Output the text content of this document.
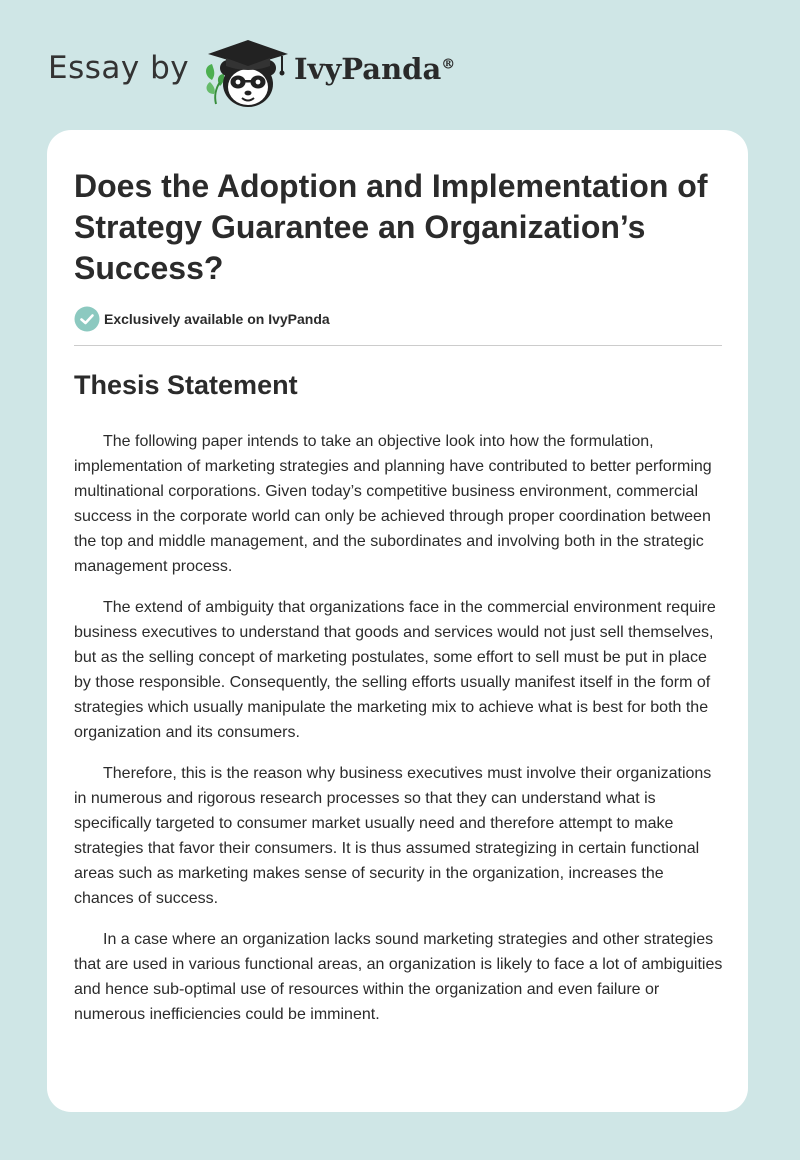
Essay by	IvyPanda®
Does the Adoption and Implementation of Strategy Guarantee an Organization’s Success?
Exclusively available on IvyPanda
Thesis Statement

The following paper intends to take an objective look into how the formulation, implementation of marketing strategies and planning have contributed to better performing multinational corporations. Given today’s competitive business environment, commercial success in the corporate world can only be achieved through proper coordination between the top and middle management, and the subordinates and involving both in the strategic management process.

The extend of ambiguity that organizations face in the commercial environment require business executives to understand that goods and services would not just sell themselves, but as the selling concept of marketing postulates, some effort to sell must be put in place by those responsible. Consequently, the selling efforts usually manifest itself in the form of strategies which usually manipulate the marketing mix to achieve what is best for both the organization and its consumers.

Therefore, this is the reason why business executives must involve their organizations in numerous and rigorous research processes so that they can understand what is specifically targeted to consumer market usually need and therefore attempt to make strategies that favor their consumers. It is thus assumed strategizing in certain functional areas such as marketing makes sense of security in the organization, increases the chances of success.

In a case where an organization lacks sound marketing strategies and other strategies that are used in various functional areas, an organization is likely to face a lot of ambiguities and hence sub-optimal use of resources within the organization and even failure or numerous inefficiencies could be imminent.
